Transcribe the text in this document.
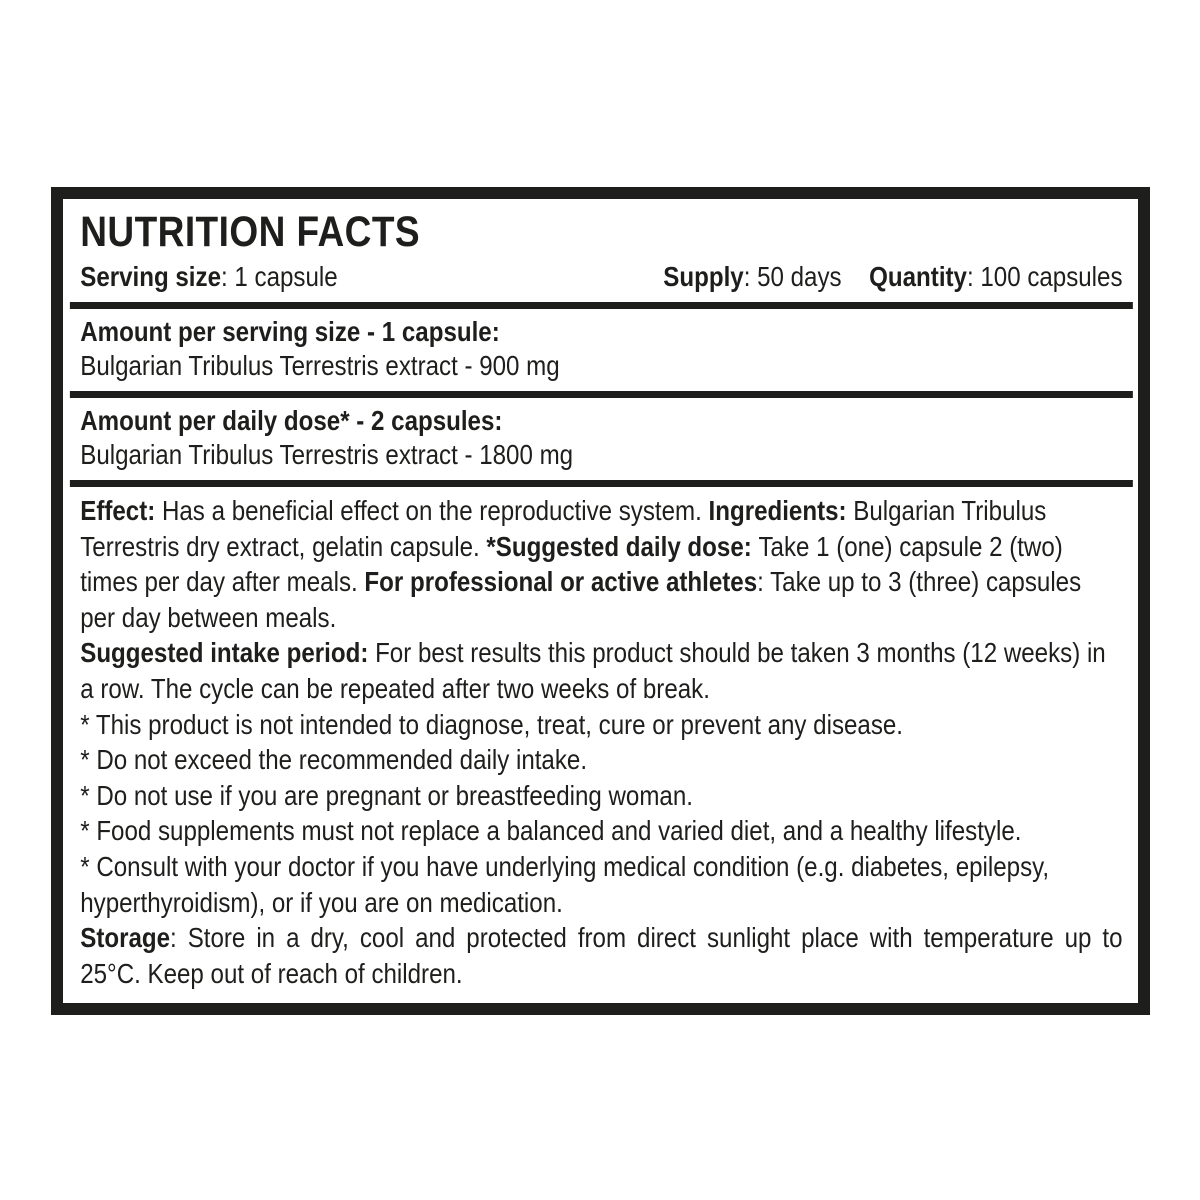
NUTRITION FACTS
Serving size: 1 capsule	Supply: 50 days Quantity: 100 capsules
Amount per serving size - 1 capsule:
Bulgarian Tribulus Terrestris extract - 900 mg
Amount per daily dose* - 2 capsules:
Bulgarian Tribulus Terrestris extract - 1800 mg

Effect: Has a beneficial effect on the reproductive system. Ingredients: Bulgarian Tribulus Terrestris dry extract, gelatin capsule. *Suggested daily dose: Take 1 (one) capsule 2 (two) times per day after meals. For professional or active athletes: Take up to 3 (three) capsules per day between meals.

Suggested intake period: For best results this product should be taken 3 months (12 weeks) in a row. The cycle can be repeated after two weeks of break.

* This product is not intended to diagnose, treat, cure or prevent any disease.

* Do not exceed the recommended daily intake.

* Do not use if you are pregnant or breastfeeding woman.

* Food supplements must not replace a balanced and varied diet, and a healthy lifestyle.

* Consult with your doctor if you have underlying medical condition (e.g. diabetes, epilepsy, hyperthyroidism), or if you are on medication.

Storage: Store in a dry, cool and protected from direct sunlight place with temperature up to 25°C. Keep out of reach of children.
